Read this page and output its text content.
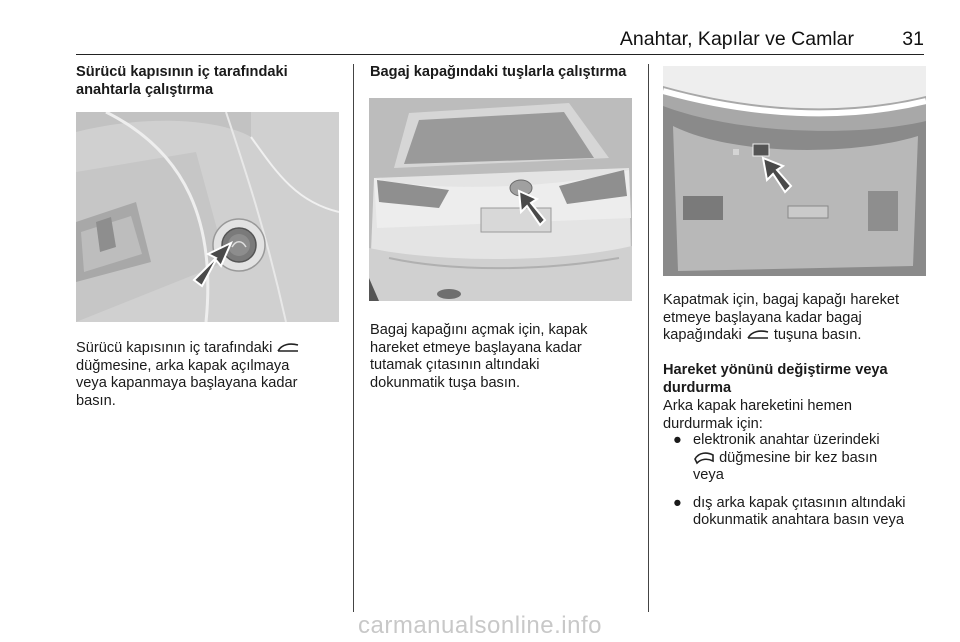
Anahtar, Kapılar ve Camlar 31
Sürücü kapısının iç tarafındaki
anahtarla çalıştırma
Sürücü kapısının iç tarafındaki
düğmesine, arka kapak açılmaya
veya kapanmaya başlayana kadar
basın.
Bagaj kapağındaki tuşlarla çalıştırma
Bagaj kapağını açmak için, kapak
hareket etmeye başlayana kadar
tutamak çıtasının altındaki
dokunmatik tuşa basın.
Kapatmak için, bagaj kapağı hareket
etmeye başlayana kadar bagaj
kapağındaki tuşuna basın.
Hareket yönünü değiştirme veya
durdurma
Arka kapak hareketini hemen
durdurmak için:
● elektronik anahtar üzerindeki
düğmesine bir kez basın
veya
● dış arka kapak çıtasının altındaki
dokunmatik anahtara basın veya
carmanualsonline.info
